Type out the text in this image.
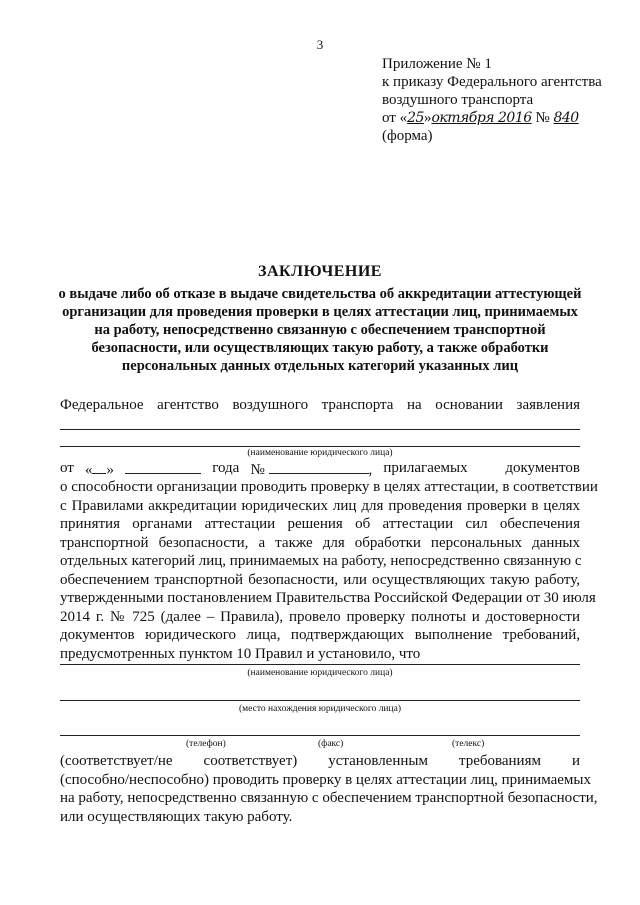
3
Приложение № 1
к приказу Федерального агентства
воздушного транспорта
от «25»октября 2016 № 840
(форма)
ЗАКЛЮЧЕНИЕ
о выдаче либо об отказе в выдаче свидетельства об аккредитации аттестующей
организации для проведения проверки в целях аттестации лиц, принимаемых
на работу, непосредственно связанную с обеспечением транспортной
безопасности, или осуществляющих такую работу, а также обработки
персональных данных отдельных категорий указанных лиц
Федеральное агентство воздушного транспорта на основании заявления
(наименование юридического лица)
от « »	года №	, прилагаемых документов
о способности организации проводить проверку в целях аттестации, в соответствии
с Правилами аккредитации юридических лиц для проведения проверки в целях
принятия органами аттестации решения об аттестации сил обеспечения
транспортной безопасности, а также для обработки персональных данных
отдельных категорий лиц, принимаемых на работу, непосредственно связанную с
обеспечением транспортной безопасности, или осуществляющих такую работу,
утвержденными постановлением Правительства Российской Федерации от 30 июля
2014 г. № 725 (далее – Правила), провело проверку полноты и достоверности
документов юридического лица, подтверждающих выполнение требований,
предусмотренных пунктом 10 Правил и установило, что
(наименование юридического лица)
(место нахождения юридического лица)
(телефон)	(факс)	(телекс)
(соответствует/не соответствует) установленным требованиям и
(способно/неспособно) проводить проверку в целях аттестации лиц, принимаемых
на работу, непосредственно связанную с обеспечением транспортной безопасности,
или осуществляющих такую работу.
